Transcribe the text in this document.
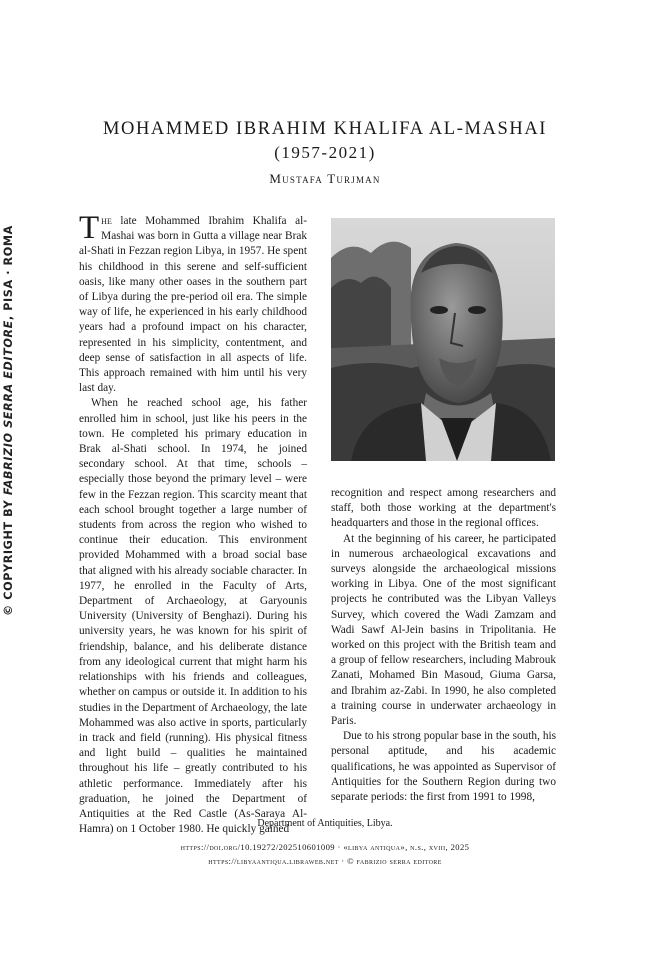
© COPYRIGHT BY FABRIZIO SERRA EDITORE, PISA · ROMA
MOHAMMED IBRAHIM KHALIFA AL-MASHAI
(1957-2021)
Mustafa Turjman

The late Mohammed Ibrahim Khalifa al-Mashai was born in Gutta a village near Brak al-Shati in Fezzan region Libya, in 1957. He spent his childhood in this serene and self-sufficient oasis, like many other oases in the southern part of Libya during the pre-period oil era. The simple way of life, he experienced in his early childhood years had a profound impact on his character, represented in his simplicity, contentment, and deep sense of satisfaction in all aspects of life. This approach remained with him until his very last day.

When he reached school age, his father enrolled him in school, just like his peers in the town. He completed his primary education in Brak al-Shati school. In 1974, he joined secondary school. At that time, schools – especially those beyond the primary level – were few in the Fezzan region. This scarcity meant that each school brought together a large number of students from across the region who wished to continue their education. This environment provided Mohammed with a broad social base that aligned with his already sociable character. In 1977, he enrolled in the Faculty of Arts, Department of Archaeology, at Garyounis University (University of Benghazi). During his university years, he was known for his spirit of friendship, balance, and his deliberate distance from any ideological current that might harm his relationships with his friends and colleagues, whether on campus or outside it. In addition to his studies in the Department of Archaeology, the late Mohammed was also active in sports, particularly in track and field (running). His physical fitness and light build – qualities he maintained throughout his life – greatly contributed to his athletic performance. Immediately after his graduation, he joined the Department of Antiquities at the Red Castle (As-Saraya Al-Hamra) on 1 October 1980. He quickly gained

recognition and respect among researchers and staff, both those working at the department's headquarters and those in the regional offices.

At the beginning of his career, he participated in numerous archaeological excavations and surveys alongside the archaeological missions working in Libya. One of the most significant projects he contributed was the Libyan Valleys Survey, which covered the Wadi Zamzam and Wadi Sawf Al-Jein basins in Tripolitania. He worked on this project with the British team and a group of fellow researchers, including Mabrouk Zanati, Mohamed Bin Masoud, Giuma Garsa, and Ibrahim az-Zabi. In 1990, he also completed a training course in underwater archaeology in Paris.

Due to his strong popular base in the south, his personal aptitude, and his academic qualifications, he was appointed as Supervisor of Antiquities for the Southern Region during two separate periods: the first from 1991 to 1998,

Department of Antiquities, Libya.
https://doi.org/10.19272/202510601009 · «libya antiqua», n.s., xviii, 2025
https://libyaantiqua.libraweb.net · © fabrizio serra editore
